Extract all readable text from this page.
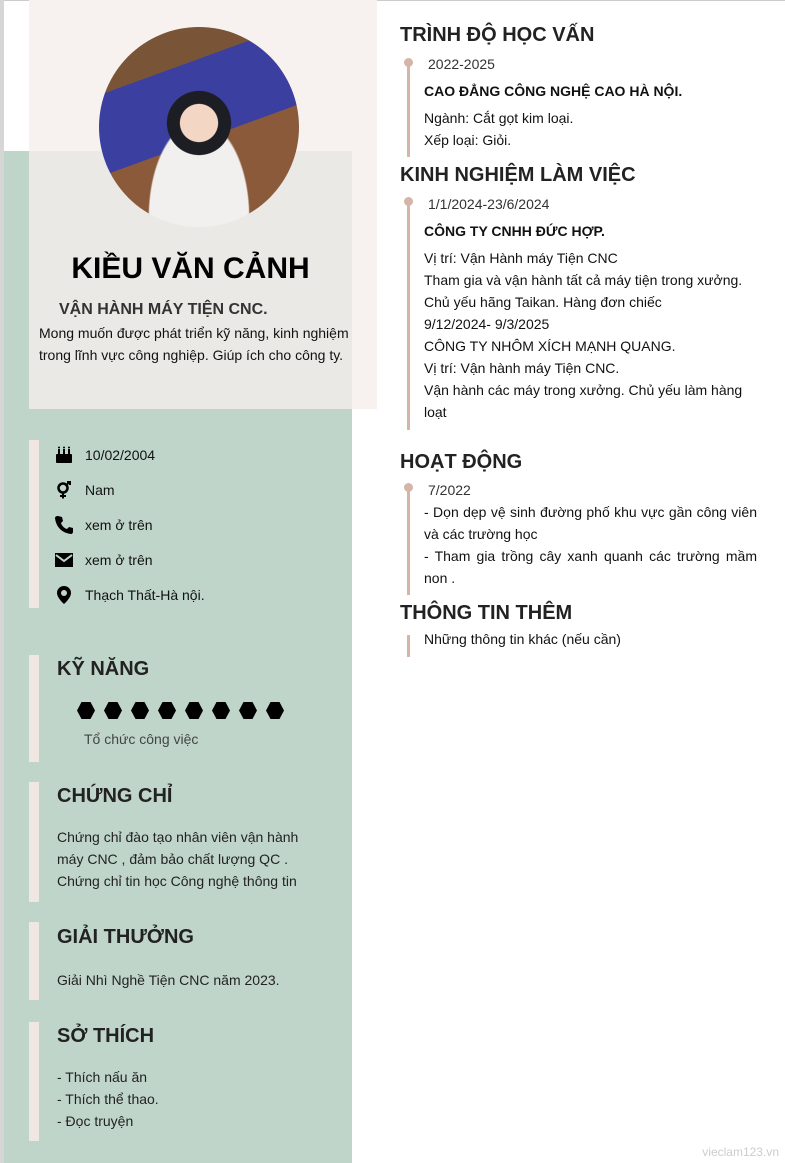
KIỀU VĂN CẢNH
VẬN HÀNH MÁY TIỆN CNC.
Mong muốn được phát triển kỹ năng, kinh nghiệm trong lĩnh vực công nghiệp. Giúp ích cho công ty.
10/02/2004
Nam
xem ở trên
xem ở trên
Thạch Thất-Hà nội.
KỸ NĂNG
Tổ chức công việc
CHỨNG CHỈ
Chứng chỉ đào tạo nhân viên vận hành
máy CNC , đảm bảo chất lượng QC .
Chứng chỉ tin học Công nghệ thông tin
GIẢI THƯỞNG
Giải Nhì Nghề Tiện CNC năm 2023.
SỞ THÍCH
- Thích nấu ăn
- Thích thể thao.
- Đọc truyện
TRÌNH ĐỘ HỌC VẤN
2022-2025
CAO ĐẲNG CÔNG NGHỆ CAO HÀ NỘI.
Ngành: Cắt gọt kim loại.
Xếp loại: Giỏi.
KINH NGHIỆM LÀM VIỆC
1/1/2024-23/6/2024
CÔNG TY CNHH ĐỨC HỢP.
Vị trí: Vận Hành máy Tiện CNC
Tham gia và vận hành tất cả máy tiện trong xưởng.
Chủ yếu hãng Taikan. Hàng đơn chiếc
9/12/2024- 9/3/2025
CÔNG TY NHÔM XÍCH MẠNH QUANG.
Vị trí: Vận hành máy Tiện CNC.
Vận hành các máy trong xưởng. Chủ yếu làm hàng loạt
HOẠT ĐỘNG
7/2022
- Dọn dẹp vệ sinh đường phố khu vực gần công viên và các trường học
- Tham gia trồng cây xanh quanh các trường mầm non .
THÔNG TIN THÊM
Những thông tin khác (nếu cần)
vieclam123.vn
